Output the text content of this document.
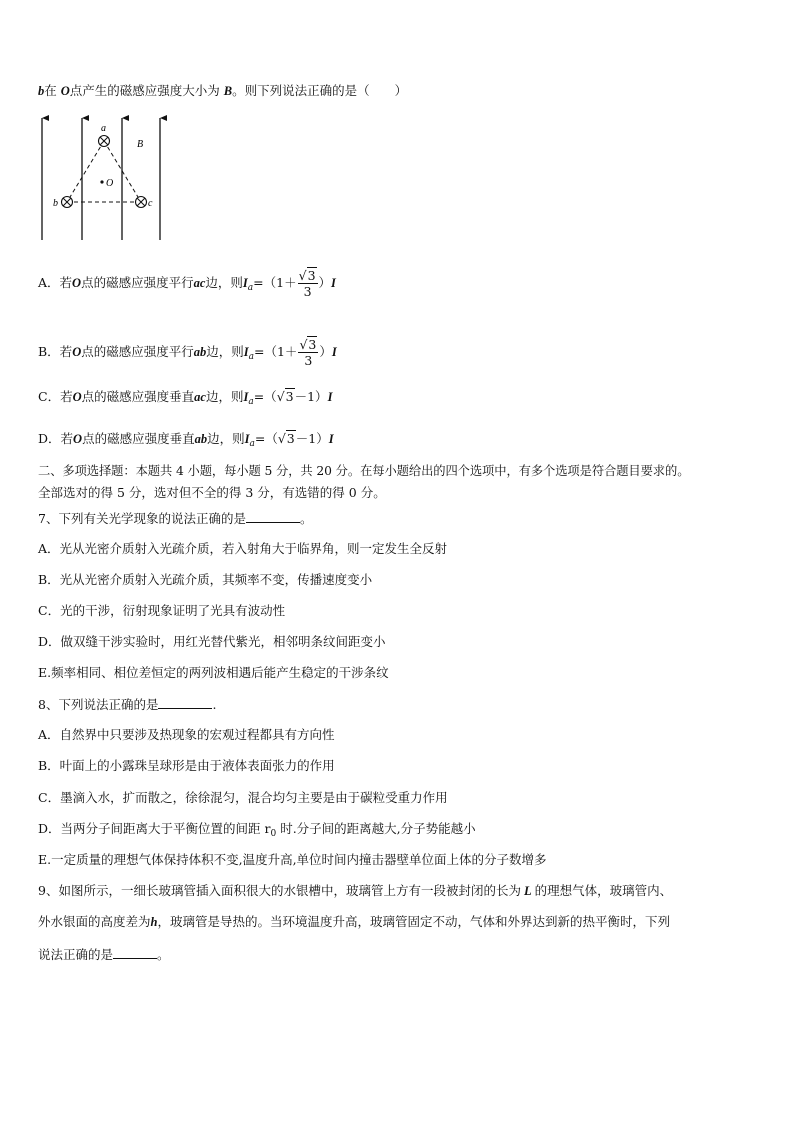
b在 O点产生的磁感应强度大小为 B。则下列说法正确的是（　　）
a
O
b	c
B
A．若O点的磁感应强度平行ac边，则$I_a=(1+ \frac{√3}{3} )I$
B．若O点的磁感应强度平行ab边，则$I_a=(1+ \frac{√3}{3} )I$
C．若O点的磁感应强度垂直ac边，则$I_a=(√3-1)I$
D．若O点的磁感应强度垂直ab边，则$I_a=(√3-1)I$
二、多项选择题：本题共 4 小题，每小题 5 分，共 20 分。在每小题给出的四个选项中，有多个选项是符合题目要求的。
全部选对的得 5 分，选对但不全的得 3 分，有选错的得 0 分。
7、下列有关光学现象的说法正确的是	。
A．光从光密介质射入光疏介质，若入射角大于临界角，则一定发生全反射
B．光从光密介质射入光疏介质，其频率不变，传播速度变小
C．光的干涉，衍射现象证明了光具有波动性
D．做双缝干涉实验时，用红光替代紫光，相邻明条纹间距变小
E.频率相同、相位差恒定的两列波相遇后能产生稳定的干涉条纹
8、下列说法正确的是	.
A．自然界中只要涉及热现象的宏观过程都具有方向性
B．叶面上的小露珠呈球形是由于液体表面张力的作用
C．墨滴入水，扩而散之，徐徐混匀，混合均匀主要是由于碳粒受重力作用
D．当两分子间距离大于平衡位置的间距 $r_0$ 时.分子间的距离越大,分子势能越小
E.一定质量的理想气体保持体积不变,温度升高,单位时间内撞击器壁单位面上体的分子数增多
9、如图所示，一细长玻璃管插入面积很大的水银槽中，玻璃管上方有一段被封闭的长为 L 的理想气体，玻璃管内、
外水银面的高度差为h，玻璃管是导热的。当环境温度升高，玻璃管固定不动，气体和外界达到新的热平衡时，下列
说法正确的是	。
